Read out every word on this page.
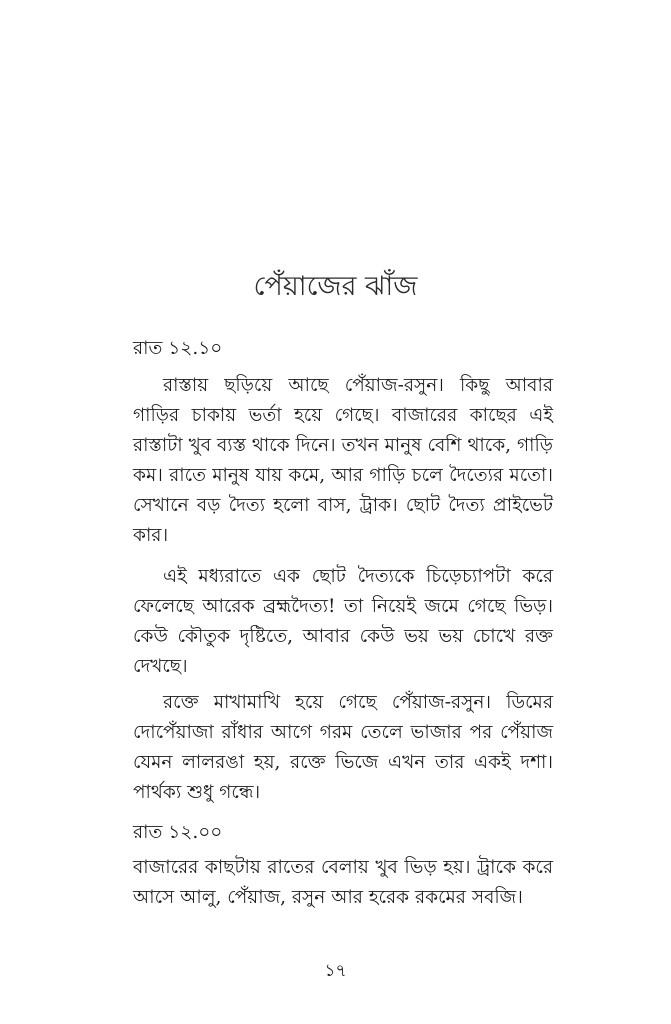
পেঁয়াজের ঝাঁজ
রাত ১২.১০

রাস্তায় ছড়িয়ে আছে পেঁয়াজ-রসুন। কিছু আবার গাড়ির চাকায় ভর্তা হয়ে গেছে। বাজারের কাছের এই রাস্তাটা খুব ব্যস্ত থাকে দিনে। তখন মানুষ বেশি থাকে, গাড়ি কম। রাতে মানুষ যায় কমে, আর গাড়ি চলে দৈত্যের মতো। সেখানে বড় দৈত্য হলো বাস, ট্রাক। ছোট দৈত্য প্রাইভেট কার।

এই মধ্যরাতে এক ছোট দৈত্যকে চিড়েচ্যাপটা করে ফেলেছে আরেক ব্রহ্মদৈত্য! তা নিয়েই জমে গেছে ভিড়। কেউ কৌতুক দৃষ্টিতে, আবার কেউ ভয় ভয় চোখে রক্ত দেখছে।

রক্তে মাখামাখি হয়ে গেছে পেঁয়াজ-রসুন। ডিমের দোপেঁয়াজা রাঁধার আগে গরম তেলে ভাজার পর পেঁয়াজ যেমন লালরঙা হয়, রক্তে ভিজে এখন তার একই দশা। পার্থক্য শুধু গন্ধে।

রাত ১২.০০

বাজারের কাছটায় রাতের বেলায় খুব ভিড় হয়। ট্রাকে করে আসে আলু, পেঁয়াজ, রসুন আর হরেক রকমের সবজি।

১৭
